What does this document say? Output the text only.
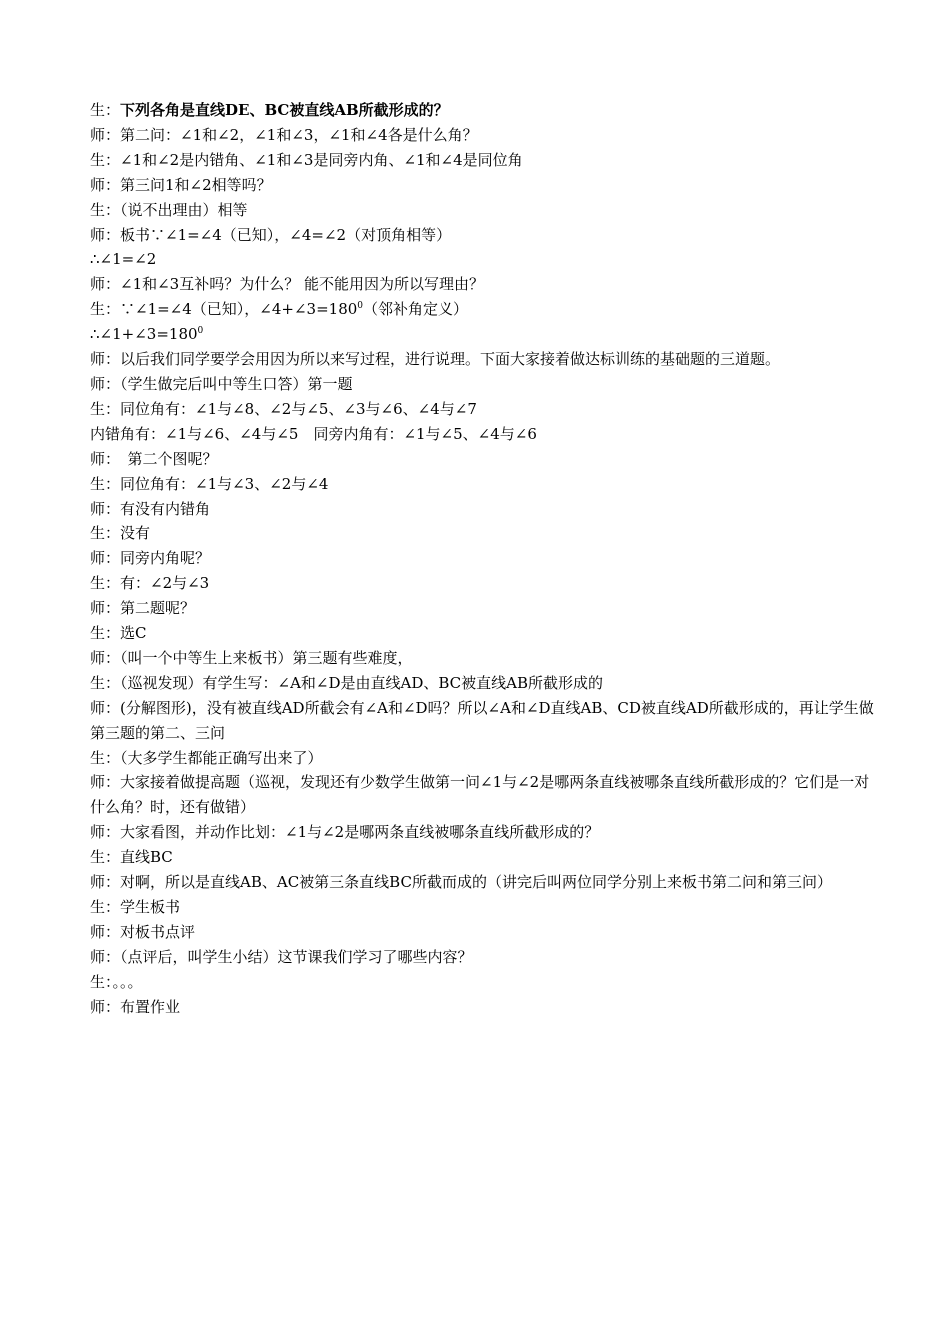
生：下列各角是直线DE、BC被直线AB所截形成的？

师：第二问：∠1和∠2，∠1和∠3，∠1和∠4各是什么角？

生：∠1和∠2是内错角、∠1和∠3是同旁内角、∠1和∠4是同位角

师：第三问1和∠2相等吗？

生：（说不出理由）相等

师：板书∵∠1=∠4（已知），∠4=∠2（对顶角相等）

∴∠1=∠2

师：∠1和∠3互补吗？为什么？ 能不能用因为所以写理由？

生：∵∠1=∠4（已知），$\angle 4+\angle 3=180^0$（邻补角定义）

$\therefore\angle 1+\angle 3=180^0$

师：以后我们同学要学会用因为所以来写过程，进行说理。下面大家接着做达标训练的基础题的三道题。

师：（学生做完后叫中等生口答）第一题

生：同位角有：∠1与∠8、∠2与∠5、∠3与∠6、∠4与∠7

内错角有：∠1与∠6、∠4与∠5　同旁内角有：∠1与∠5、∠4与∠6

师：　第二个图呢？

生：同位角有：∠1与∠3、∠2与∠4

师：有没有内错角

生：没有

师：同旁内角呢？

生：有：∠2与∠3

师：第二题呢？

生：选C

师：（叫一个中等生上来板书）第三题有些难度，

生：（巡视发现）有学生写：∠A和∠D是由直线AD、BC被直线AB所截形成的

师：(分解图形)，没有被直线AD所截会有∠A和∠D吗？所以∠A和∠D直线AB、CD被直线AD所截形成的，再让学生做第三题的第二、三问

生：（大多学生都能正确写出来了）

师：大家接着做提高题（巡视，发现还有少数学生做第一问∠1与∠2是哪两条直线被哪条直线所截形成的？它们是一对什么角？时，还有做错）

师：大家看图，并动作比划：∠1与∠2是哪两条直线被哪条直线所截形成的？

生：直线BC

师：对啊，所以是直线AB、AC被第三条直线BC所截而成的（讲完后叫两位同学分别上来板书第二问和第三问）

生：学生板书

师：对板书点评

师：（点评后，叫学生小结）这节课我们学习了哪些内容？

生：。。。

师：布置作业
